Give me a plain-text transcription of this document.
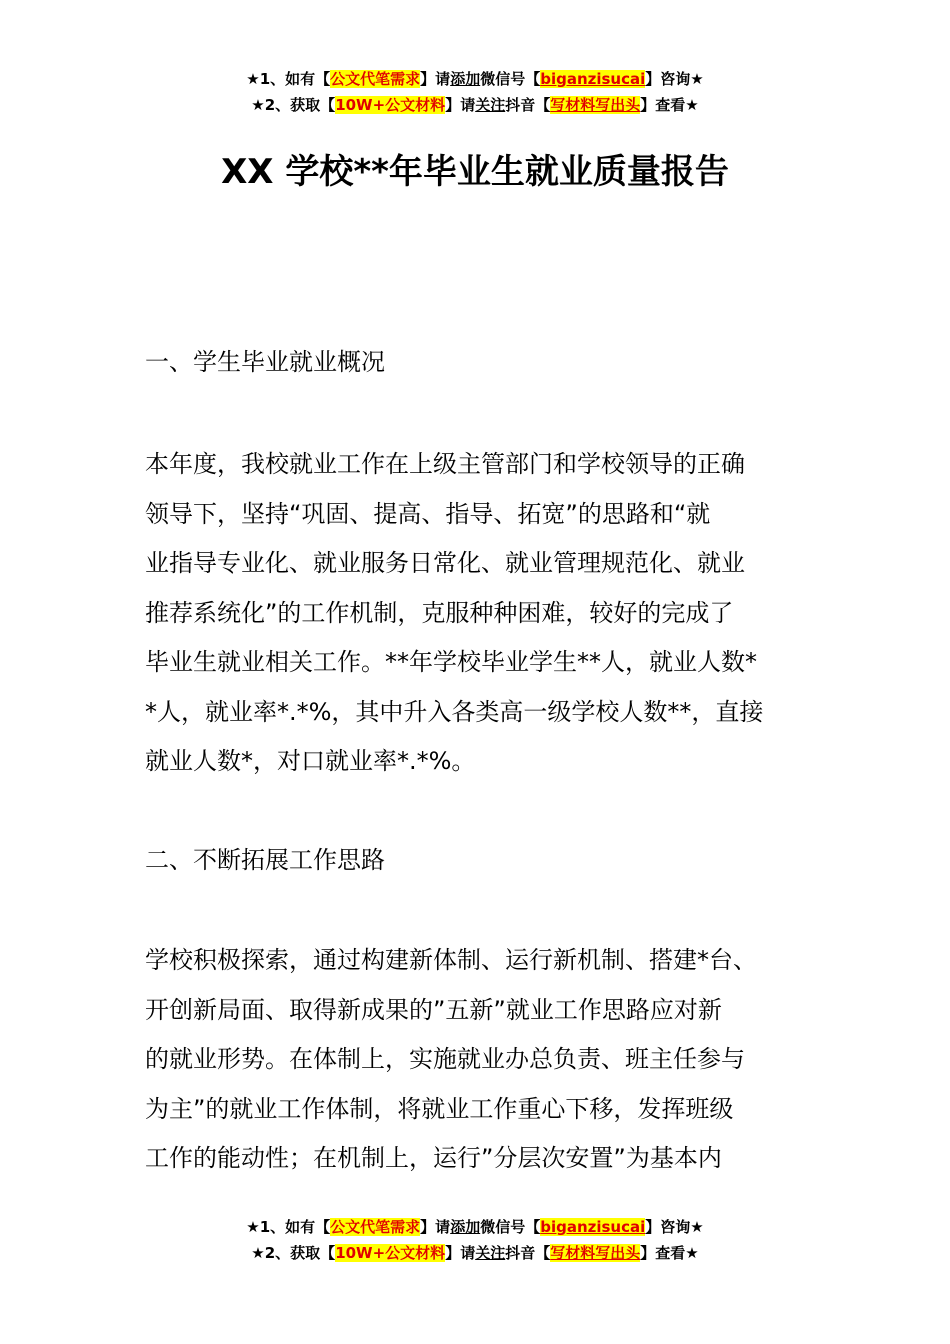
★1、如有【公文代笔需求】请添加微信号【biganzisucai】咨询★
★2、获取【10W+公文材料】请关注抖音【写材料写出头】查看★
XX 学校**年毕业生就业质量报告
一、学生毕业就业概况
本年度，我校就业工作在上级主管部门和学校领导的正确
领导下，坚持“巩固、提高、指导、拓宽”的思路和“就
业指导专业化、就业服务日常化、就业管理规范化、就业
推荐系统化”的工作机制，克服种种困难，较好的完成了
毕业生就业相关工作。**年学校毕业学生**人，就业人数*
*人，就业率*.*%，其中升入各类高一级学校人数**，直接
就业人数*，对口就业率*.*%。
二、不断拓展工作思路
学校积极探索，通过构建新体制、运行新机制、搭建*台、
开创新局面、取得新成果的”五新”就业工作思路应对新
的就业形势。在体制上，实施就业办总负责、班主任参与
为主”的就业工作体制，将就业工作重心下移，发挥班级
工作的能动性；在机制上，运行”分层次安置”为基本内
★1、如有【公文代笔需求】请添加微信号【biganzisucai】咨询★
★2、获取【10W+公文材料】请关注抖音【写材料写出头】查看★
